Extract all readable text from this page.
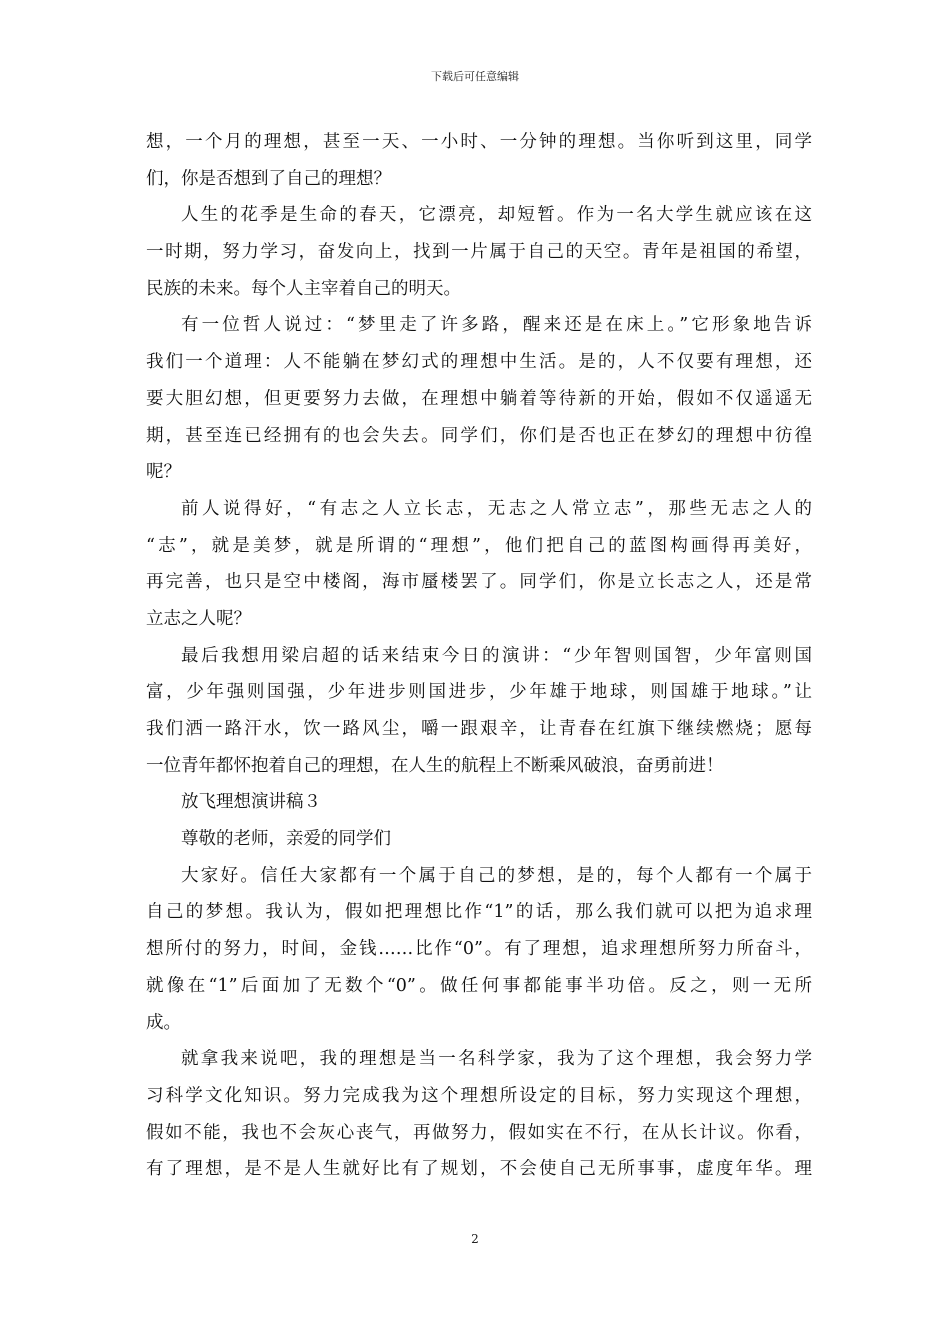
下载后可任意编辑
想，一个月的理想，甚至一天、一小时、一分钟的理想。当你听到这里，同学
们，你是否想到了自己的理想？
人生的花季是生命的春天，它漂亮，却短暂。作为一名大学生就应该在这
一时期，努力学习，奋发向上，找到一片属于自己的天空。青年是祖国的希望，
民族的未来。每个人主宰着自己的明天。
有一位哲人说过：“梦里走了许多路，醒来还是在床上。”它形象地告诉
我们一个道理：人不能躺在梦幻式的理想中生活。是的，人不仅要有理想，还
要大胆幻想，但更要努力去做，在理想中躺着等待新的开始，假如不仅遥遥无
期，甚至连已经拥有的也会失去。同学们，你们是否也正在梦幻的理想中彷徨
呢？
前人说得好，“有志之人立长志，无志之人常立志”，那些无志之人的
“志”，就是美梦，就是所谓的“理想”，他们把自己的蓝图构画得再美好，
再完善，也只是空中楼阁，海市蜃楼罢了。同学们，你是立长志之人，还是常
立志之人呢？
最后我想用梁启超的话来结束今日的演讲：“少年智则国智，少年富则国
富，少年强则国强，少年进步则国进步，少年雄于地球，则国雄于地球。”让
我们洒一路汗水，饮一路风尘，嚼一跟艰辛，让青春在红旗下继续燃烧；愿每
一位青年都怀抱着自己的理想，在人生的航程上不断乘风破浪，奋勇前进！
放飞理想演讲稿３
尊敬的老师，亲爱的同学们
大家好。信任大家都有一个属于自己的梦想，是的，每个人都有一个属于
自己的梦想。我认为，假如把理想比作“1”的话，那么我们就可以把为追求理
想所付的努力，时间，金钱……比作“0”。有了理想，追求理想所努力所奋斗，
就像在“1”后面加了无数个“0”。做任何事都能事半功倍。反之，则一无所
成。
就拿我来说吧，我的理想是当一名科学家，我为了这个理想，我会努力学
习科学文化知识。努力完成我为这个理想所设定的目标，努力实现这个理想，
假如不能，我也不会灰心丧气，再做努力，假如实在不行，在从长计议。你看，
有了理想，是不是人生就好比有了规划，不会使自己无所事事，虚度年华。理
2
